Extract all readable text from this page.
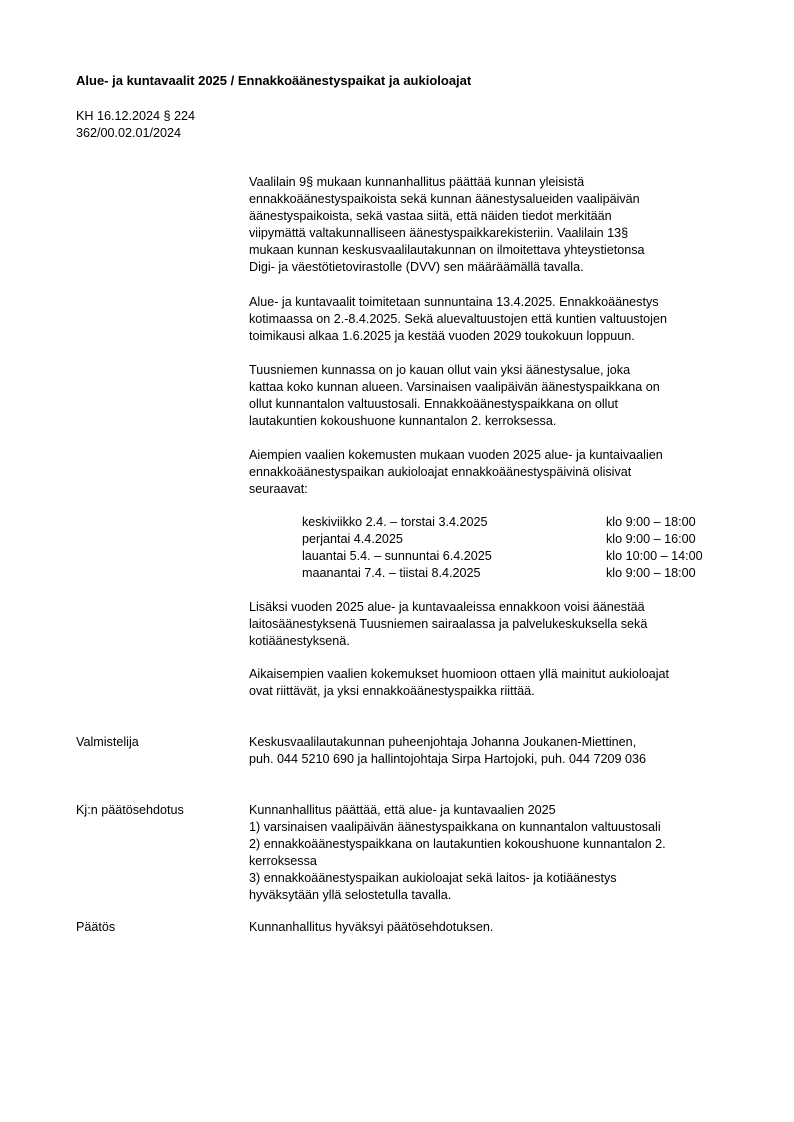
Alue- ja kuntavaalit 2025 / Ennakkoäänestyspaikat ja aukioloajat
KH 16.12.2024 § 224
362/00.02.01/2024
Vaalilain 9§ mukaan kunnanhallitus päättää kunnan yleisistä
ennakkoäänestyspaikoista sekä kunnan äänestysalueiden vaalipäivän
äänestyspaikoista, sekä vastaa siitä, että näiden tiedot merkitään
viipymättä valtakunnalliseen äänestyspaikkarekisteriin. Vaalilain 13§
mukaan kunnan keskusvaalilautakunnan on ilmoitettava yhteystietonsa
Digi- ja väestötietovirastolle (DVV) sen määräämällä tavalla.
Alue- ja kuntavaalit toimitetaan sunnuntaina 13.4.2025. Ennakkoäänestys
kotimaassa on 2.-8.4.2025. Sekä aluevaltuustojen että kuntien valtuustojen
toimikausi alkaa 1.6.2025 ja kestää vuoden 2029 toukokuun loppuun.
Tuusniemen kunnassa on jo kauan ollut vain yksi äänestysalue, joka
kattaa koko kunnan alueen. Varsinaisen vaalipäivän äänestyspaikkana on
ollut kunnantalon valtuustosali. Ennakkoäänestyspaikkana on ollut
lautakuntien kokoushuone kunnantalon 2. kerroksessa.
Aiempien vaalien kokemusten mukaan vuoden 2025 alue- ja kuntaivaalien
ennakkoäänestyspaikan aukioloajat ennakkoäänestyspäivinä olisivat
seuraavat:
keskiviikko 2.4. – torstai 3.4.2025	klo 9:00 – 18:00
perjantai 4.4.2025	klo 9:00 – 16:00
lauantai 5.4. – sunnuntai 6.4.2025	klo 10:00 – 14:00
maanantai 7.4. – tiistai 8.4.2025	klo 9:00 – 18:00
Lisäksi vuoden 2025 alue- ja kuntavaaleissa ennakkoon voisi äänestää
laitosäänestyksenä Tuusniemen sairaalassa ja palvelukeskuksella sekä
kotiäänestyksenä.
Aikaisempien vaalien kokemukset huomioon ottaen yllä mainitut aukioloajat
ovat riittävät, ja yksi ennakkoäänestyspaikka riittää.
Valmistelija	Keskusvaalilautakunnan puheenjohtaja Johanna Joukanen-Miettinen,
puh. 044 5210 690 ja hallintojohtaja Sirpa Hartojoki, puh. 044 7209 036
Kj:n päätösehdotus	Kunnanhallitus päättää, että alue- ja kuntavaalien 2025
1) varsinaisen vaalipäivän äänestyspaikkana on kunnantalon valtuustosali
2) ennakkoäänestyspaikkana on lautakuntien kokoushuone kunnantalon 2.
kerroksessa
3) ennakkoäänestyspaikan aukioloajat sekä laitos- ja kotiäänestys
hyväksytään yllä selostetulla tavalla.
Päätös	Kunnanhallitus hyväksyi päätösehdotuksen.
